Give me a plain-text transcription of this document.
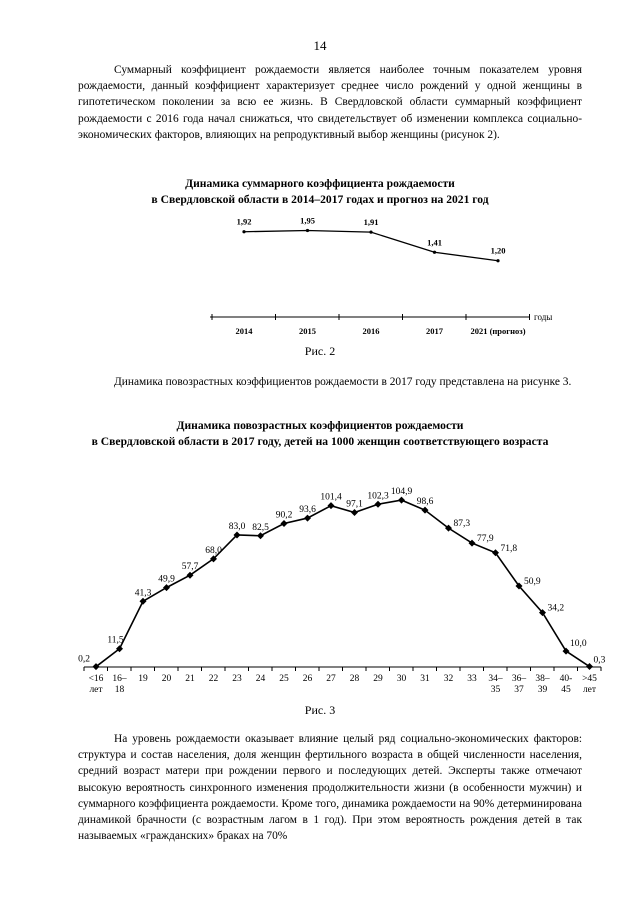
14

Суммарный коэффициент рождаемости является наиболее точным показателем уровня рождаемости, данный коэффициент характеризует среднее число рождений у одной женщины в гипотетическом поколении за всю ее жизнь. В Свердловской области суммарный коэффициент рождаемости с 2016 года начал снижаться, что свидетельствует об изменении комплекса социально-экономических факторов, влияющих на репродуктивный выбор женщины (рисунок 2).

Динамика суммарного коэффициента рождаемости
в Свердловской области в 2014–2017 годах и прогноз на 2021 год

годы
1,92
2014
1,95
2015
1,91
2016
1,41
2017
1,20
2021 (прогноз)
Рис. 2

Динамика повозрастных коэффициентов рождаемости в 2017 году представлена на рисунке 3.

Динамика повозрастных коэффициентов рождаемости
в Свердловской области в 2017 году, детей на 1000 женщин соответствующего возраста

0,2
<16
лет
11,5
16–
18
41,3
19
49,9
20
57,7
21
68,0
22
83,0
23
82,5
24
90,2
25
93,6
26
101,4
27
97,1
28
102,3
29
104,9
30
98,6
31
87,3
32
77,9
33
71,8
34–
35
50,9
36–
37
34,2
38–
39
10,0
40-
45
0,3
>45
лет
Рис. 3

На уровень рождаемости оказывает влияние целый ряд социально-экономических факторов: структура и состав населения, доля женщин фертильного возраста в общей численности населения, средний возраст матери при рождении первого и последующих детей. Эксперты также отмечают высокую вероятность синхронного изменения продолжительности жизни (в особенности мужчин) и суммарного коэффициента рождаемости. Кроме того, динамика рождаемости на 90% детерминирована динамикой брачности (с возрастным лагом в 1 год). При этом вероятность рождения детей в так называемых «гражданских» браках на 70%
